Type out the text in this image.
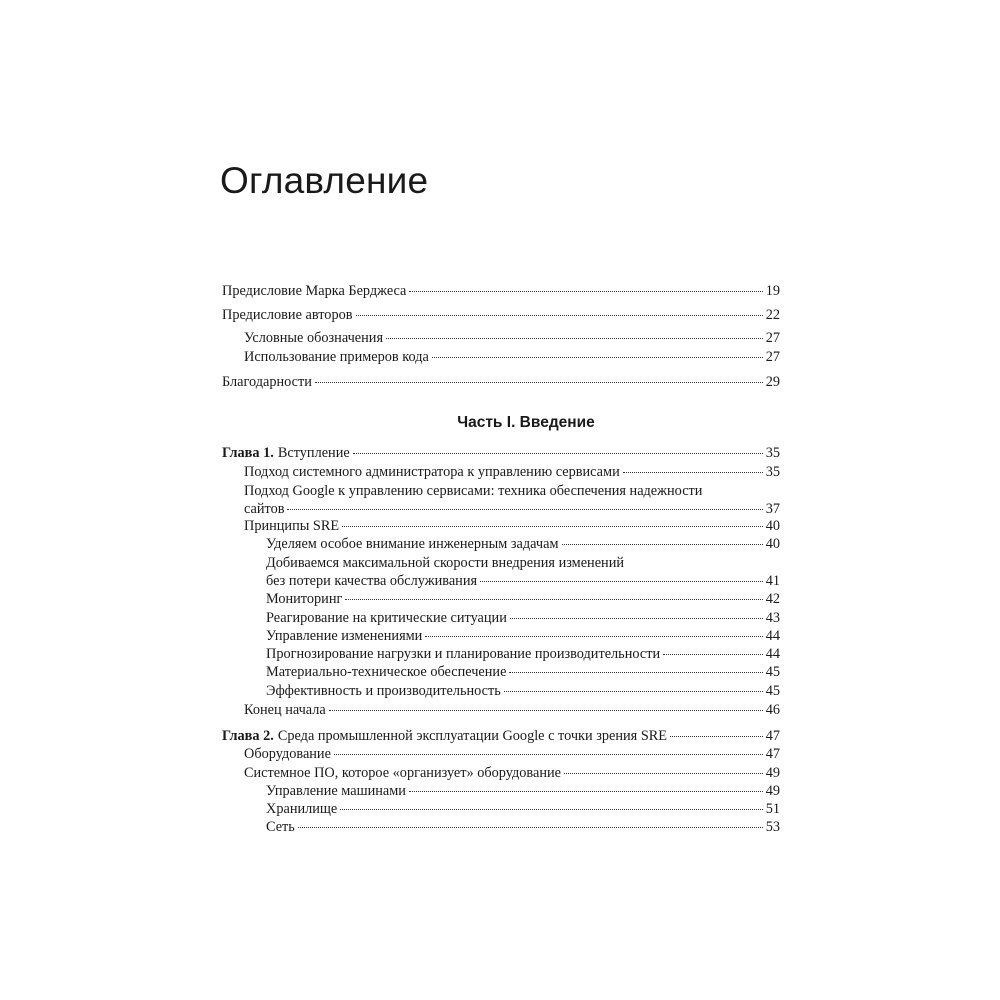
Оглавление
Предисловие Марка Берджеса	19
Предисловие авторов	22
Условные обозначения	27
Использование примеров кода	27
Благодарности	29
Часть I. Введение
Глава 1. Вступление	35
Подход системного администратора к управлению сервисами	35
Подход Google к управлению сервисами: техника обеспечения надежности
сайтов	37
Принципы SRE	40
Уделяем особое внимание инженерным задачам	40
Добиваемся максимальной скорости внедрения изменений
без потери качества обслуживания	41
Мониторинг	42
Реагирование на критические ситуации	43
Управление изменениями	44
Прогнозирование нагрузки и планирование производительности	44
Материально-техническое обеспечение	45
Эффективность и производительность	45
Конец начала	46
Глава 2. Среда промышленной эксплуатации Google с точки зрения SRE	47
Оборудование	47
Системное ПО, которое «организует» оборудование	49
Управление машинами	49
Хранилище	51
Сеть	53
